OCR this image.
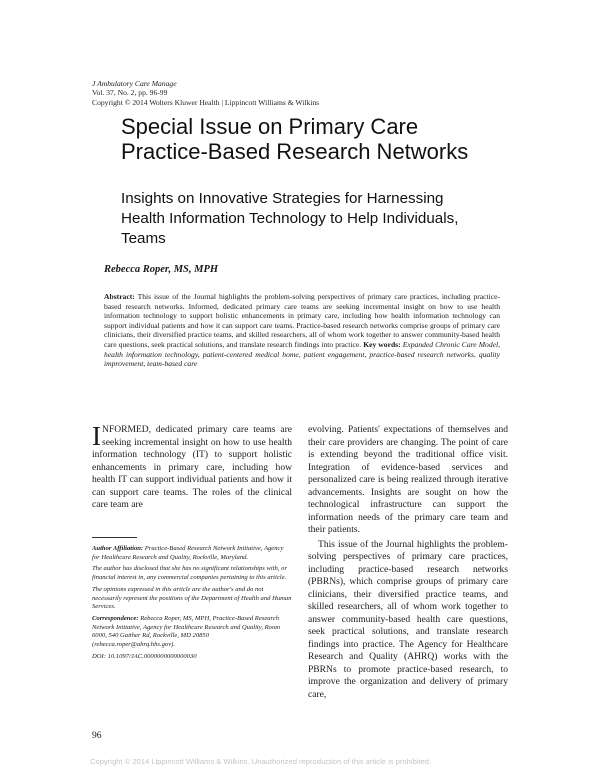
J Ambulatory Care Manage
Vol. 37, No. 2, pp. 96-99
Copyright © 2014 Wolters Kluwer Health | Lippincott Williams & Wilkins
Special Issue on Primary Care Practice-Based Research Networks
Insights on Innovative Strategies for Harnessing Health Information Technology to Help Individuals, Teams
Rebecca Roper, MS, MPH

Abstract: This issue of the Journal highlights the problem-solving perspectives of primary care practices, including practice-based research networks. Informed, dedicated primary care teams are seeking incremental insight on how to use health information technology to support holistic enhancements in primary care, including how health information technology can support individual patients and how it can support care teams. Practice-based research networks comprise groups of primary care clinicians, their diversified practice teams, and skilled researchers, all of whom work together to answer community-based health care questions, seek practical solutions, and translate research findings into practice. Key words: Expanded Chronic Care Model, health information technology, patient-centered medical home, patient engagement, practice-based research networks, quality improvement, team-based care

INFORMED, dedicated primary care teams are seeking incremental insight on how to use health information technology (IT) to support holistic enhancements in primary care, including how health IT can support individual patients and how it can support care teams. The roles of the clinical care team are

Author Affiliation: Practice-Based Research Network Initiative, Agency for Healthcare Research and Quality, Rockville, Maryland.

The author has disclosed that she has no significant relationships with, or financial interest in, any commercial companies pertaining to this article.

The opinions expressed in this article are the author's and do not necessarily represent the positions of the Department of Health and Human Services.

Correspondence: Rebecca Roper, MS, MPH, Practice-Based Research Network Initiative, Agency for Healthcare Research and Quality, Room 6000, 540 Gaither Rd, Rockville, MD 20850 (rebecca.roper@ahrq.hhs.gov).

DOI: 10.1097/JAC.0000000000000030

evolving. Patients' expectations of themselves and their care providers are changing. The point of care is extending beyond the traditional office visit. Integration of evidence-based services and personalized care is being realized through iterative advancements. Insights are sought on how the technological infrastructure can support the information needs of the primary care team and their patients.
This issue of the Journal highlights the problem-solving perspectives of primary care practices, including practice-based research networks (PBRNs), which comprise groups of primary care clinicians, their diversified practice teams, and skilled researchers, all of whom work together to answer community-based health care questions, seek practical solutions, and translate research findings into practice. The Agency for Healthcare Research and Quality (AHRQ) works with the PBRNs to promote practice-based research, to improve the organization and delivery of primary care,
96
Copyright © 2014 Lippincott Williams & Wilkins. Unauthorized reproduction of this article is prohibited.
